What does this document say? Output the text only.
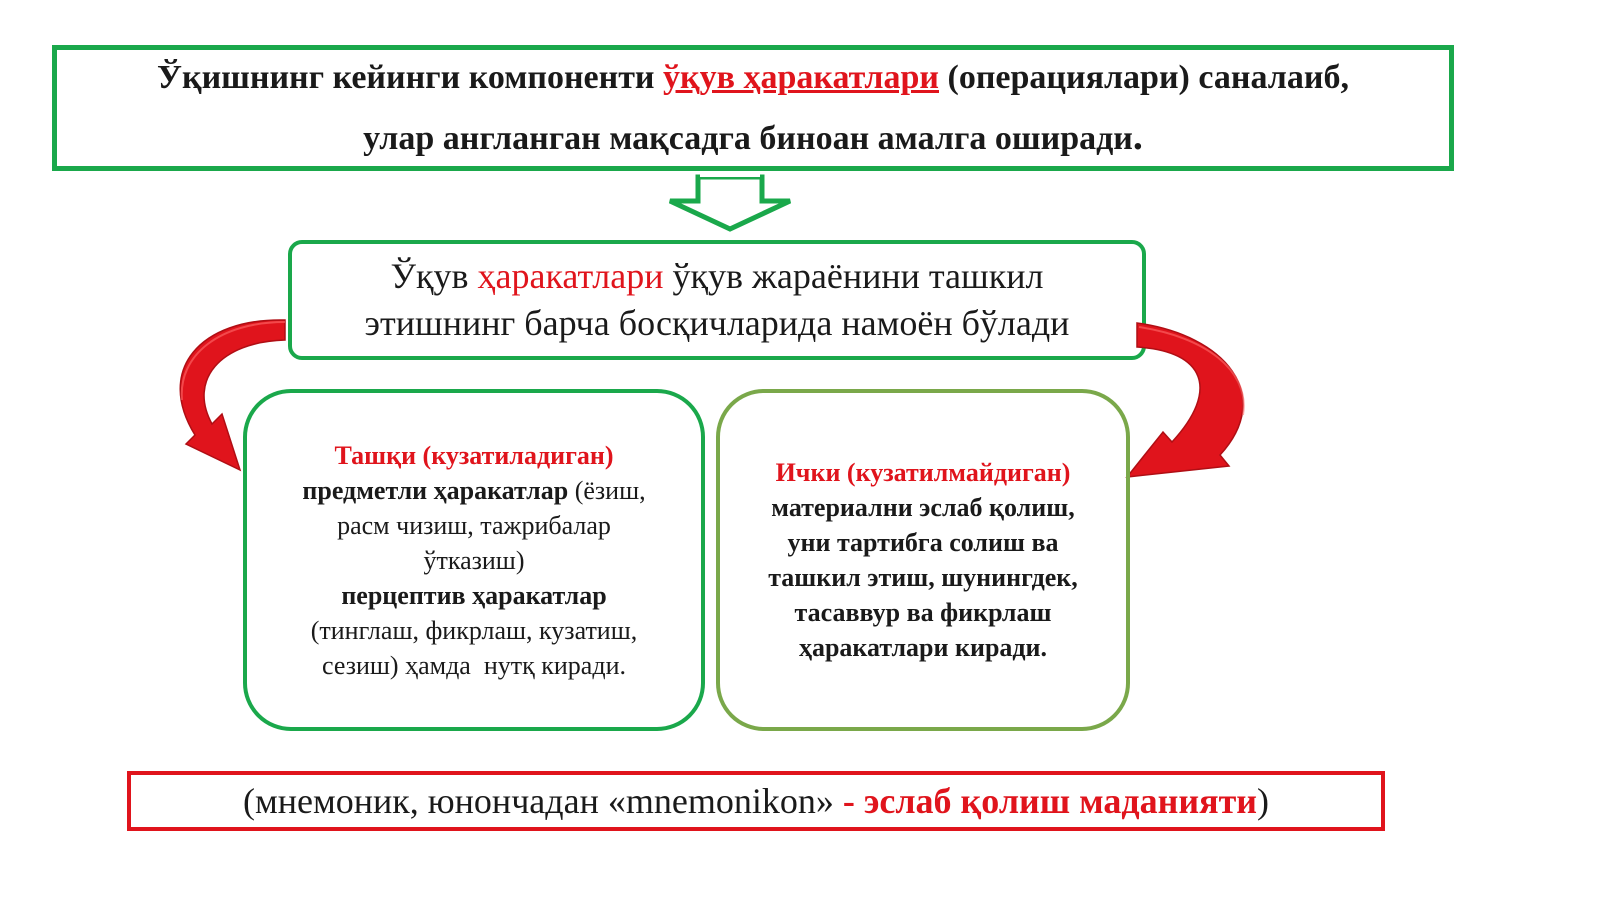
Ўқишнинг кейинги компоненти ўқув ҳаракатлари (операциялари) саналаиб,
улар англанган мақсадга биноан амалга оширади.
Ўқув ҳаракатлари ўқув жараёнини ташкил
этишнинг барча босқичларида намоён бўлади
Ташқи (кузатиладиган)
предметли ҳаракатлар (ёзиш,
расм чизиш, тажрибалар
ўтказиш)
перцептив ҳаракатлар
(тинглаш, фикрлаш, кузатиш,
сезиш) ҳамда  нутқ киради.
Ички (кузатилмайдиган)
материални эслаб қолиш,
уни тартибга солиш ва
ташкил этиш, шунингдек,
тасаввур ва фикрлаш
ҳаракатлари киради.
(мнемоник, юнончадан «mnemonikon» - эслаб қолиш маданияти )
